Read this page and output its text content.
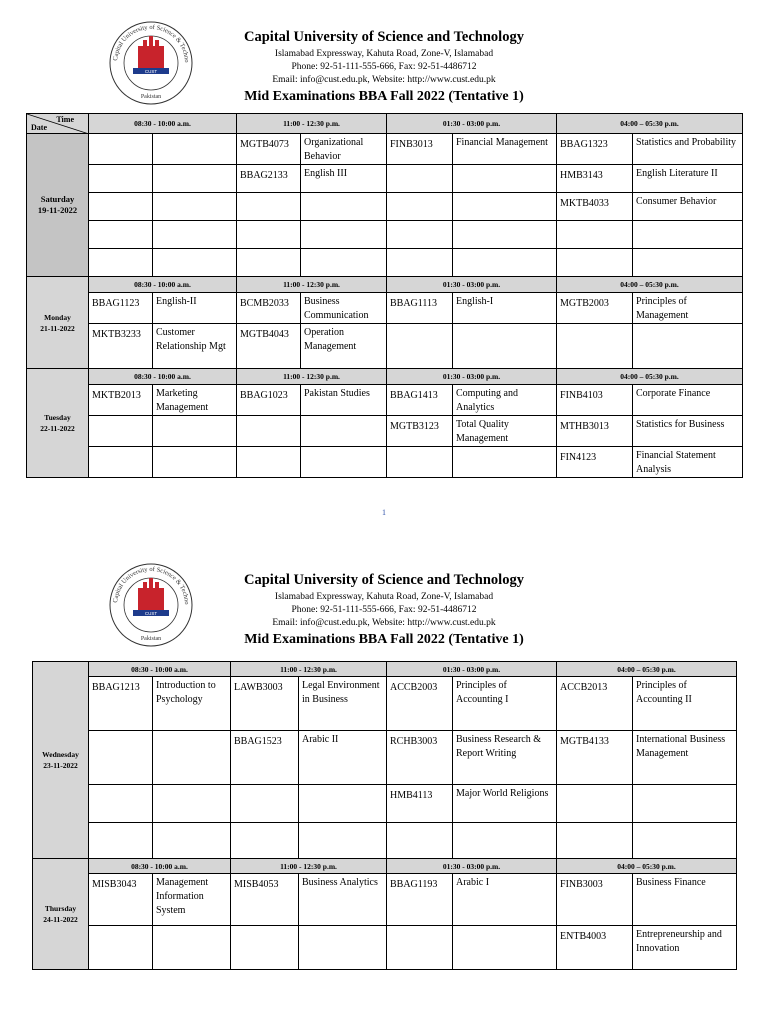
CUST
Capital University of Science & Techno
Pakistan
Capital University of Science and Technology
Islamabad Expressway, Kahuta Road, Zone-V, Islamabad
Phone: 92-51-111-555-666, Fax: 92-51-4486712
Email: info@cust.edu.pk, Website: http://www.cust.edu.pk
Mid Examinations BBA Fall 2022 (Tentative 1)
Time
Date	08:30 - 10:00 a.m.		11:00 - 12:30 p.m.		01:30 - 03:00 p.m.		04:00 – 05:30 p.m.	

Saturday
19-11-2022			MGTB4073	Organizational Behavior	FINB3013	Financial Management	BBAG1323	Statistics and Probability

			BBAG2133	English III			HMB3143	English Literature II

							MKTB4033	Consumer Behavior

Monday
21-11-2022	08:30 - 10:00 a.m.		11:00 - 12:30 p.m.		01:30 - 03:00 p.m.		04:00 – 05:30 p.m.	

	BBAG1123	English-II	BCMB2033	Business Communication	BBAG1113	English-I	MGTB2003	Principles of Management

	MKTB3233	Customer Relationship Mgt	MGTB4043	Operation Management				

Tuesday
22-11-2022	08:30 - 10:00 a.m.		11:00 - 12:30 p.m.		01:30 - 03:00 p.m.		04:00 – 05:30 p.m.	

	MKTB2013	Marketing Management	BBAG1023	Pakistan Studies	BBAG1413	Computing and Analytics	FINB4103	Corporate Finance

					MGTB3123	Total Quality Management	MTHB3013	Statistics for Business

							FIN4123	Financial Statement Analysis
1
CUST
Capital University of Science & Techno
Pakistan
Capital University of Science and Technology
Islamabad Expressway, Kahuta Road, Zone-V, Islamabad
Phone: 92-51-111-555-666, Fax: 92-51-4486712
Email: info@cust.edu.pk, Website: http://www.cust.edu.pk
Mid Examinations BBA Fall 2022 (Tentative 1)
Wednesday
23-11-2022	08:30 - 10:00 a.m.		11:00 - 12:30 p.m.		01:30 - 03:00 p.m.		04:00 – 05:30 p.m.	

	BBAG1213	Introduction to Psychology	LAWB3003	Legal Environment in Business	ACCB2003	Principles of Accounting I	ACCB2013	Principles of Accounting II

			BBAG1523	Arabic II	RCHB3003	Business Research & Report Writing	MGTB4133	International Business Management

					HMB4113	Major World Religions		

Thursday
24-11-2022	08:30 - 10:00 a.m.		11:00 - 12:30 p.m.		01:30 - 03:00 p.m.		04:00 – 05:30 p.m.	

	MISB3043	Management Information System	MISB4053	Business Analytics	BBAG1193	Arabic I	FINB3003	Business Finance

							ENTB4003	Entrepreneurship and Innovation
